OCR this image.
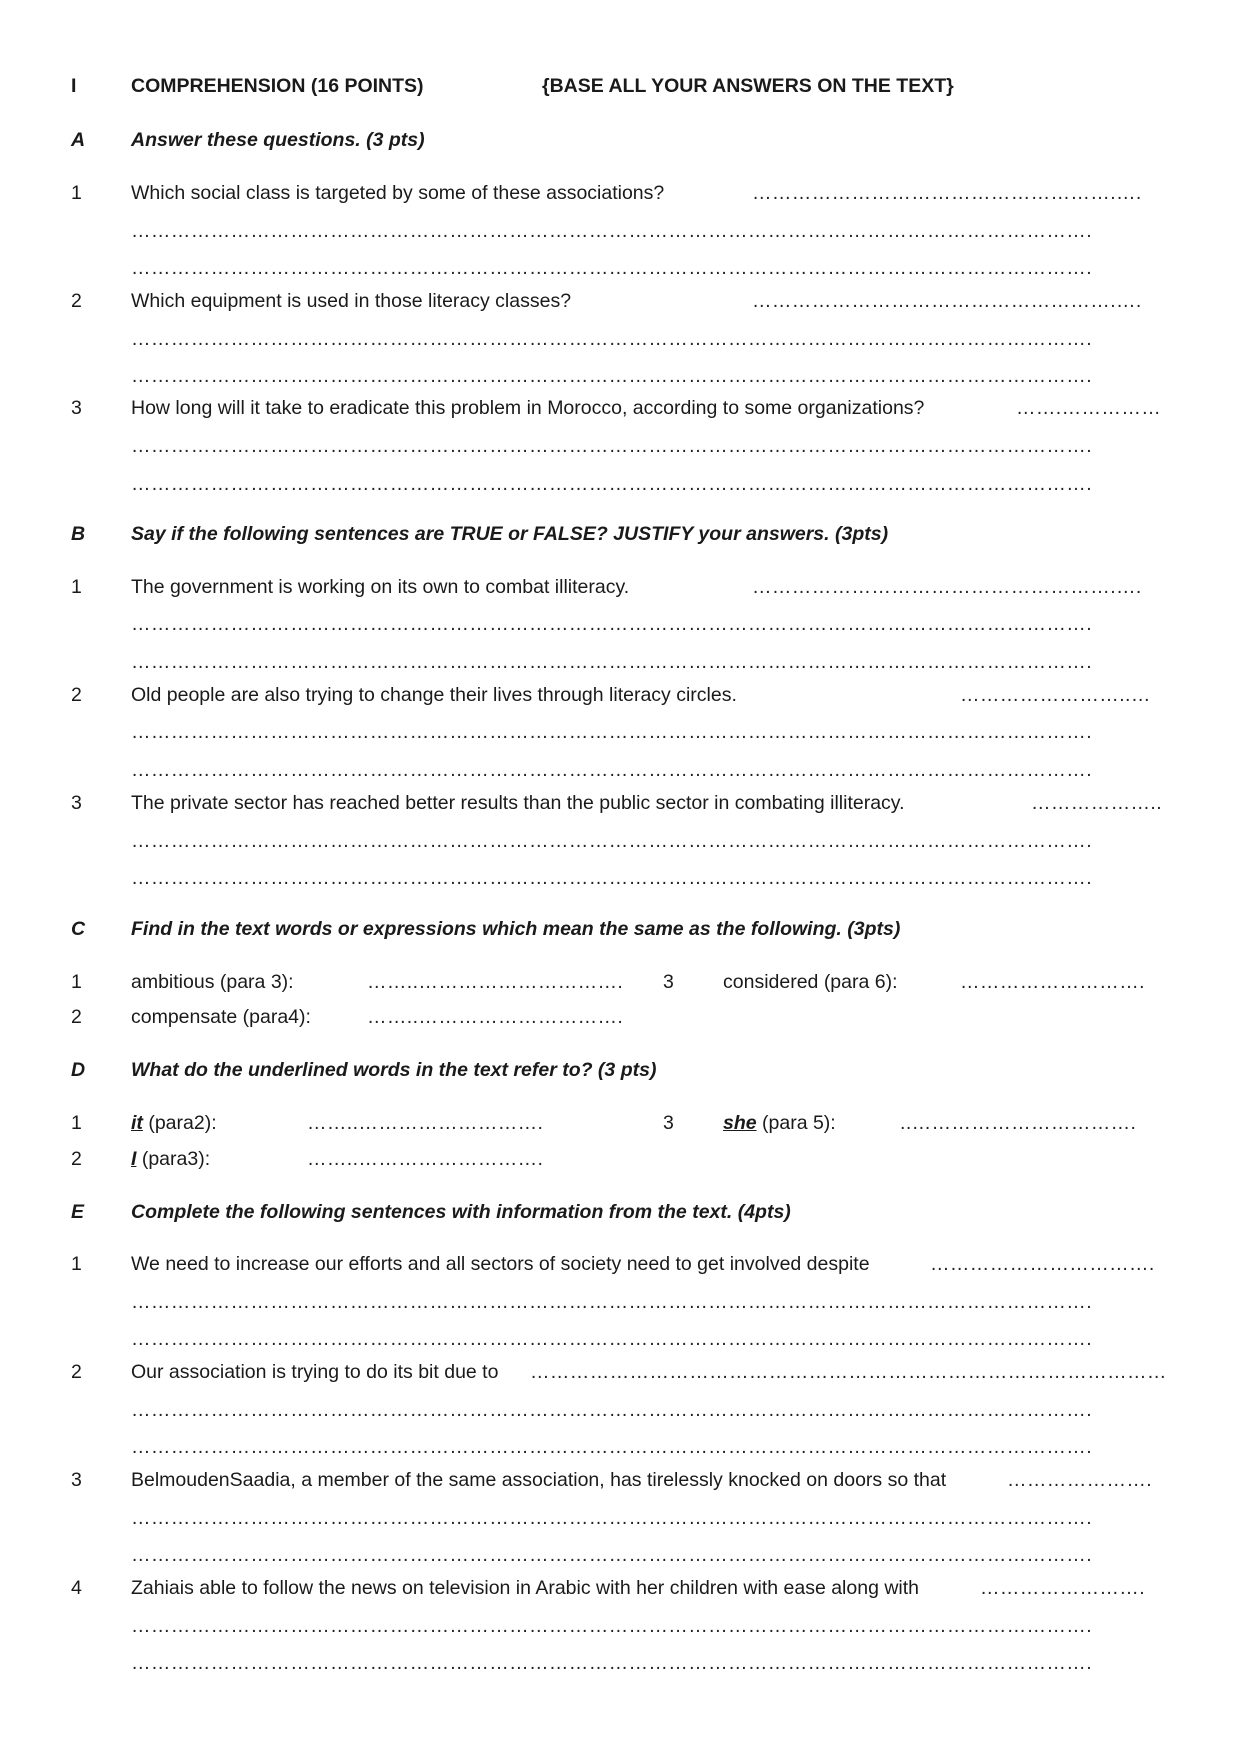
I	COMPREHENSION (16 POINTS)	{BASE ALL YOUR ANSWERS ON THE TEXT}
A Answer these questions. (3 pts)
1	Which social class is targeted by some of these associations?	……………………………………………….….
……………………………………………………………………………………………………………………………….
……………………………………………………………………………………………………………………………….
2	Which equipment is used in those literacy classes?	……………………………………………….….
……………………………………………………………………………………………………………………………….
……………………………………………………………………………………………………………………………….
3	How long will it take to eradicate this problem in Morocco, according to some organizations?	…….……………
……………………………………………………………………………………………………………………………….
……………………………………………………………………………………………………………………………….
B Say if the following sentences are TRUE or FALSE? JUSTIFY your answers. (3pts)
1	The government is working on its own to combat illiteracy.	……………………………………………….….
……………………………………………………………………………………………………………………………….
……………………………………………………………………………………………………………………………….
2	Old people are also trying to change their lives through literacy circles.	……………………..…
……………………………………………………………………………………………………………………………….
……………………………………………………………………………………………………………………………….
3	The private sector has reached better results than the public sector in combating illiteracy.	………………..
……………………………………………………………………………………………………………………………….
……………………………………………………………………………………………………………………………….
C Find in the text words or expressions which mean the same as the following. (3pts)
1	ambitious (para 3):	……..…………………………. 3	considered (para 6):	……………………….
2	compensate (para4):	……..………………………….
D What do the underlined words in the text refer to? (3 pts)
1	it (para2):	……..……………………….	3	she (para 5):	..…………………………….
2	I (para3):	……..……………………….
E Complete the following sentences with information from the text. (4pts)
1	We need to increase our efforts and all sectors of society need to get involved despite	…………………………….
……………………………………………………………………………………………………………………………….
……………………………………………………………………………………………………………………………….
2	Our association is trying to do its bit due to ……………………………………………………………………………………
……………………………………………………………………………………………………………………………….
……………………………………………………………………………………………………………………………….
3	BelmoudenSaadia, a member of the same association, has tirelessly knocked on doors so that	………………….
……………………………………………………………………………………………………………………………….
……………………………………………………………………………………………………………………………….
4	Zahiais able to follow the news on television in Arabic with her children with ease along with	…………………….
……………………………………………………………………………………………………………………………….
……………………………………………………………………………………………………………………………….
